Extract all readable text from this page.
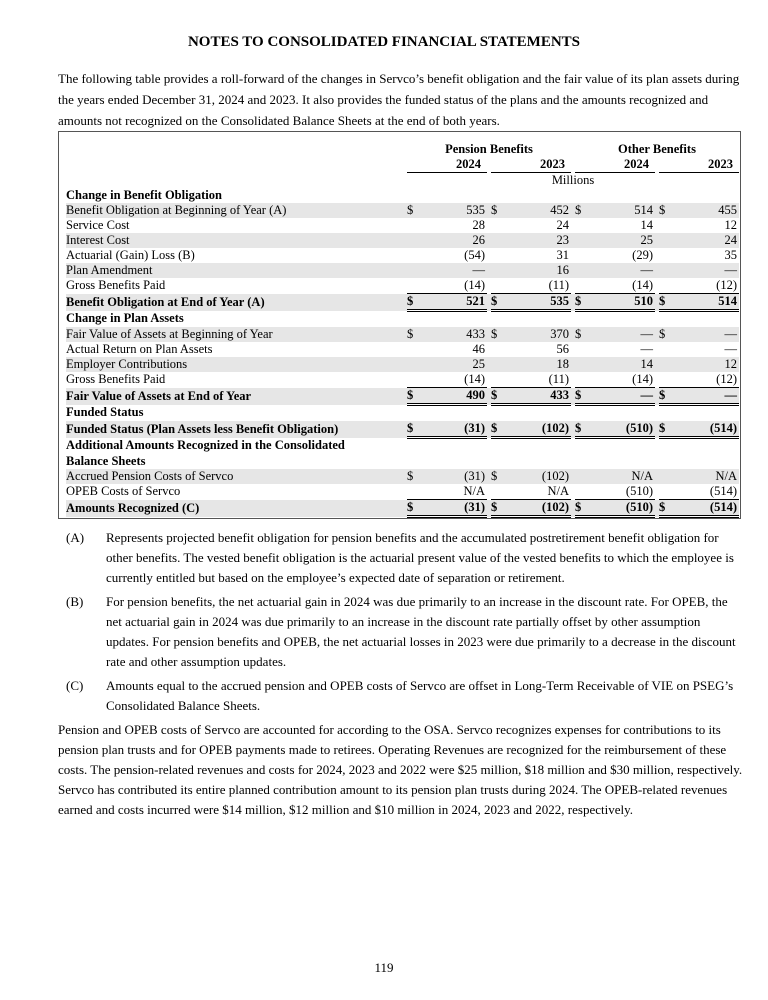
NOTES TO CONSOLIDATED FINANCIAL STATEMENTS

The following table provides a roll-forward of the changes in Servco’s benefit obligation and the fair value of its plan assets during the years ended December 31, 2024 and 2023. It also provides the funded status of the plans and the amounts recognized and amounts not recognized on the Consolidated Balance Sheets at the end of both years.

	Pension Benefits						Other Benefits				
	2024			2023			2024			2023	
	Millions										
Change in Benefit Obligation											
Benefit Obligation at Beginning of Year (A)	$	535		$	452		$	514		$	455
Service Cost		28			24			14			12
Interest Cost		26			23			25			24
Actuarial (Gain) Loss (B)		(54)			31			(29)			35
Plan Amendment		—			16			—			—
Gross Benefits Paid		(14)			(11)			(14)			(12)
Benefit Obligation at End of Year (A)	$	521		$	535		$	510		$	514
Change in Plan Assets											
Fair Value of Assets at Beginning of Year	$	433		$	370		$	—		$	—
Actual Return on Plan Assets		46			56			—			—
Employer Contributions		25			18			14			12
Gross Benefits Paid		(14)			(11)			(14)			(12)
Fair Value of Assets at End of Year	$	490		$	433		$	—		$	—
Funded Status											
Funded Status (Plan Assets less Benefit Obligation)	$	(31)		$	(102)		$	(510)		$	(514)
Additional Amounts Recognized in the Consolidated											
Balance Sheets											
Accrued Pension Costs of Servco	$	(31)		$	(102)			N/A			N/A
OPEB Costs of Servco		N/A			N/A			(510)			(514)
Amounts Recognized (C)	$	(31)		$	(102)		$	(510)		$	(514)
(A)	Represents projected benefit obligation for pension benefits and the accumulated postretirement benefit obligation for other benefits. The vested benefit obligation is the actuarial present value of the vested benefits to which the employee is currently entitled but based on the employee’s expected date of separation or retirement.
(B)	For pension benefits, the net actuarial gain in 2024 was due primarily to an increase in the discount rate. For OPEB, the net actuarial gain in 2024 was due primarily to an increase in the discount rate partially offset by other assumption updates. For pension benefits and OPEB, the net actuarial losses in 2023 were due primarily to a decrease in the discount rate and other assumption updates.
(C)	Amounts equal to the accrued pension and OPEB costs of Servco are offset in Long-Term Receivable of VIE on PSEG’s Consolidated Balance Sheets.

Pension and OPEB costs of Servco are accounted for according to the OSA. Servco recognizes expenses for contributions to its pension plan trusts and for OPEB payments made to retirees. Operating Revenues are recognized for the reimbursement of these costs. The pension-related revenues and costs for 2024, 2023 and 2022 were $25 million, $18 million and $30 million, respectively. Servco has contributed its entire planned contribution amount to its pension plan trusts during 2024. The OPEB-related revenues earned and costs incurred were $14 million, $12 million and $10 million in 2024, 2023 and 2022, respectively.

119
